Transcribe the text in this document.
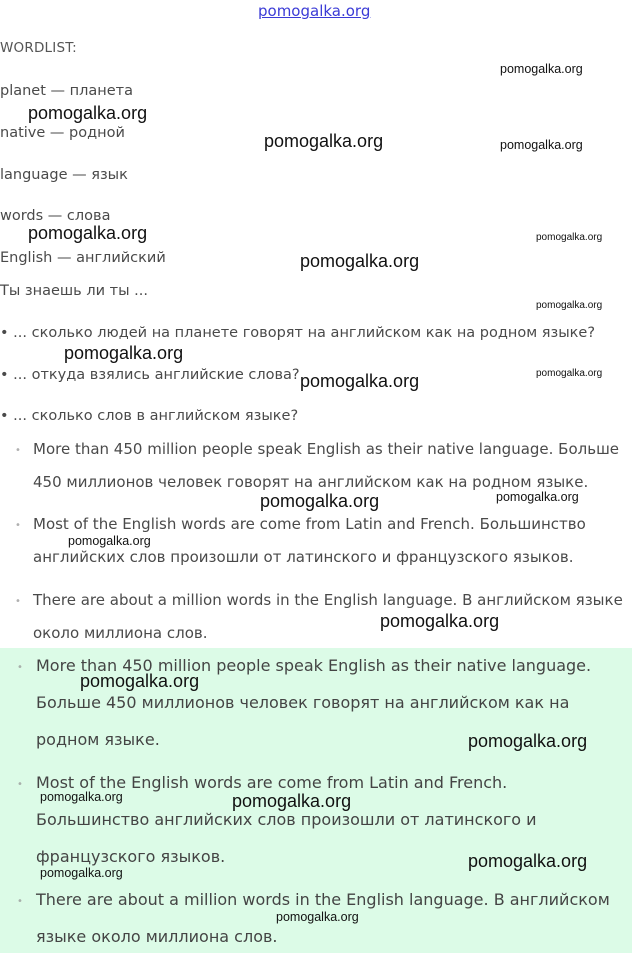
pomogalka.org
WORDLIST:
planet — планета
native — родной
language — язык
words — слова
English — английский
Ты знаешь ли ты ...
• ... сколько людей на планете говорят на английском как на родном языке?
• ... откуда взялись английские слова?
• ... сколько слов в английском языке?
• More than 450 million people speak English as their native language. Больше
450 миллионов человек говорят на английском как на родном языке.
• Most of the English words are come from Latin and French. Большинство
английских слов произошли от латинского и французского языков.
• There are about a million words in the English language. В английском языке
около миллиона слов.
• More than 450 million people speak English as their native language.
Больше 450 миллионов человек говорят на английском как на
родном языке.
• Most of the English words are come from Latin and French.
Большинство английских слов произошли от латинского и
французского языков.
• There are about a million words in the English language. В английском
языке около миллиона слов.
pomogalka.org
pomogalka.org
pomogalka.org	pomogalka.org
pomogalka.org	pomogalka.org
pomogalka.org
pomogalka.org
pomogalka.org
pomogalka.org
pomogalka.org
pomogalka.org
pomogalka.org
pomogalka.org
pomogalka.org
pomogalka.org
pomogalka.org
pomogalka.org	pomogalka.org
pomogalka.org
pomogalka.org
pomogalka.org
